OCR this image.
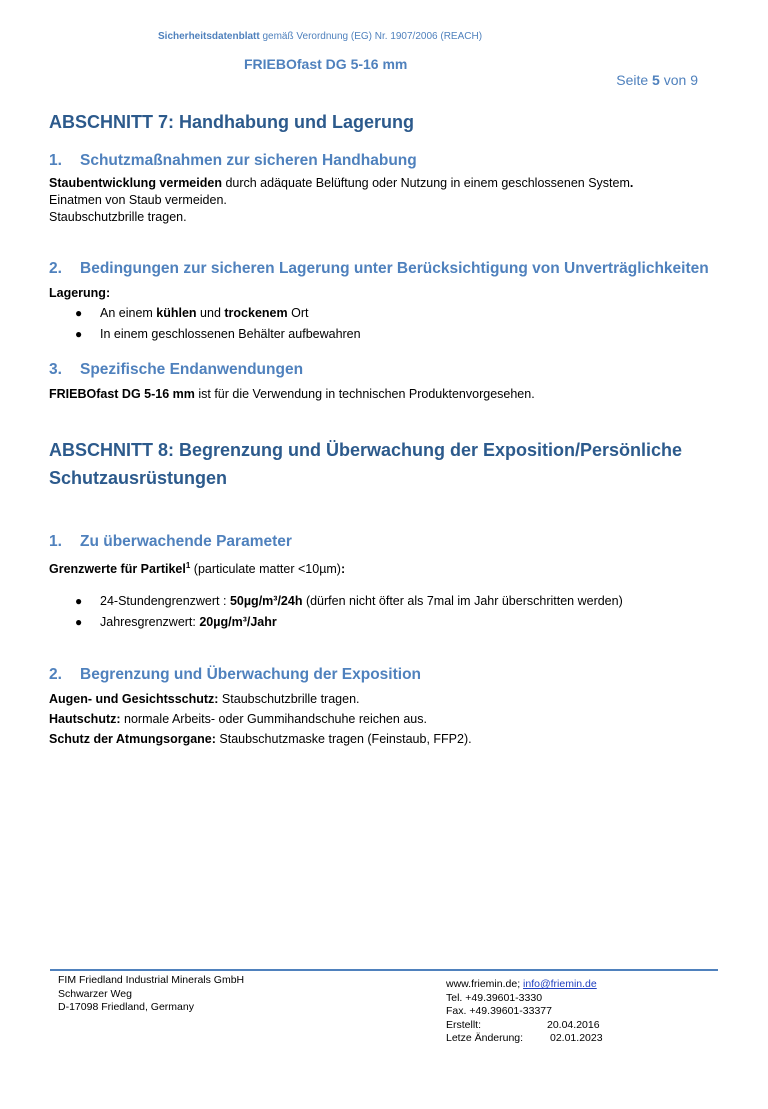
Sicherheitsdatenblatt gemäß Verordnung (EG) Nr. 1907/2006 (REACH)
FRIEBOfast DG 5-16 mm
Seite 5 von 9
ABSCHNITT 7: Handhabung und Lagerung
1. Schutzmaßnahmen zur sicheren Handhabung
Staubentwicklung vermeiden durch adäquate Belüftung oder Nutzung in einem geschlossenen System.
Einatmen von Staub vermeiden.
Staubschutzbrille tragen.
2. Bedingungen zur sicheren Lagerung unter Berücksichtigung von Unverträglichkeiten
Lagerung:
● An einem kühlen und trockenem Ort
● In einem geschlossenen Behälter aufbewahren
3. Spezifische Endanwendungen
FRIEBOfast DG 5-16 mm ist für die Verwendung in technischen Produktenvorgesehen.
ABSCHNITT 8: Begrenzung und Überwachung der Exposition/Persönliche Schutzausrüstungen
1. Zu überwachende Parameter
Grenzwerte für Partikel$^1$ (particulate matter <10µm):
● 24-Stundengrenzwert : 50µg/m³/24h (dürfen nicht öfter als 7mal im Jahr überschritten werden)
● Jahresgrenzwert: 20µg/m³/Jahr
2. Begrenzung und Überwachung der Exposition
Augen- und Gesichtsschutz: Staubschutzbrille tragen.
Hautschutz: normale Arbeits- oder Gummihandschuhe reichen aus.
Schutz der Atmungsorgane: Staubschutzmaske tragen (Feinstaub, FFP2).
FIM Friedland Industrial Minerals GmbH
Schwarzer Weg
D-17098 Friedland, Germany
www.friemin.de; info@friemin.de
Tel. +49.39601-3330
Fax. +49.39601-33377
Erstellt:	20.04.2016
Letze Änderung:	02.01.2023
